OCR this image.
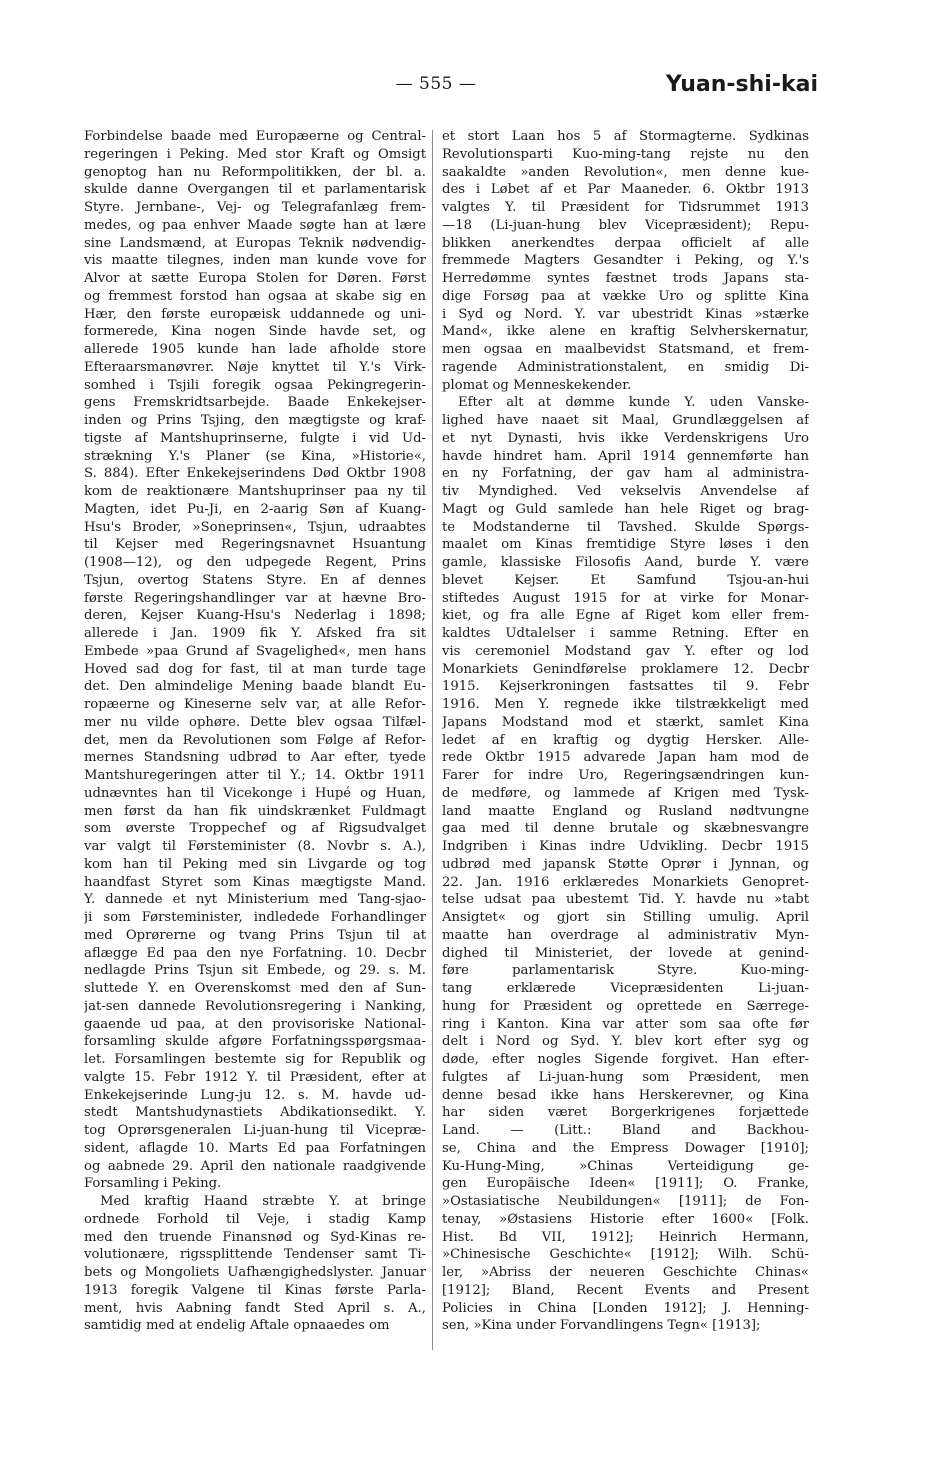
— 555 —	Yuan-shi-kai
Forbindelse baade med Europæerne og Central-
regeringen i Peking. Med stor Kraft og Omsigt
genoptog han nu Reformpolitikken, der bl. a.
skulde danne Overgangen til et parlamentarisk
Styre. Jernbane-, Vej- og Telegrafanlæg frem-
medes, og paa enhver Maade søgte han at lære
sine Landsmænd, at Europas Teknik nødvendig-
vis maatte tilegnes, inden man kunde vove for
Alvor at sætte Europa Stolen for Døren. Først
og fremmest forstod han ogsaa at skabe sig en
Hær, den første europæisk uddannede og uni-
formerede, Kina nogen Sinde havde set, og
allerede 1905 kunde han lade afholde store
Efteraarsmanøvrer. Nøje knyttet til Y.'s Virk-
somhed i Tsjili foregik ogsaa Pekingregerin-
gens Fremskridtsarbejde. Baade Enkekejser-
inden og Prins Tsjing, den mægtigste og kraf-
tigste af Mantshuprinserne, fulgte i vid Ud-
strækning Y.'s Planer (se Kina, »Historie«,
S. 884). Efter Enkekejserindens Død Oktbr 1908
kom de reaktionære Mantshuprinser paa ny til
Magten, idet Pu-Ji, en 2-aarig Søn af Kuang-
Hsu's Broder, »Soneprinsen«, Tsjun, udraabtes
til Kejser med Regeringsnavnet Hsuantung
(1908—12), og den udpegede Regent, Prins
Tsjun, overtog Statens Styre. En af dennes
første Regeringshandlinger var at hævne Bro-
deren, Kejser Kuang-Hsu's Nederlag i 1898;
allerede i Jan. 1909 fik Y. Afsked fra sit
Embede »paa Grund af Svagelighed«, men hans
Hoved sad dog for fast, til at man turde tage
det. Den almindelige Mening baade blandt Eu-
ropæerne og Kineserne selv var, at alle Refor-
mer nu vilde ophøre. Dette blev ogsaa Tilfæl-
det, men da Revolutionen som Følge af Refor-
mernes Standsning udbrød to Aar efter, tyede
Mantshuregeringen atter til Y.; 14. Oktbr 1911
udnævntes han til Vicekonge i Hupé og Huan,
men først da han fik uindskrænket Fuldmagt
som øverste Troppechef og af Rigsudvalget
var valgt til Førsteminister (8. Novbr s. A.),
kom han til Peking med sin Livgarde og tog
haandfast Styret som Kinas mægtigste Mand.
Y. dannede et nyt Ministerium med Tang-sjao-
ji som Førsteminister, indledede Forhandlinger
med Oprørerne og tvang Prins Tsjun til at
aflægge Ed paa den nye Forfatning. 10. Decbr
nedlagde Prins Tsjun sit Embede, og 29. s. M.
sluttede Y. en Overenskomst med den af Sun-
jat-sen dannede Revolutionsregering i Nanking,
gaaende ud paa, at den provisoriske National-
forsamling skulde afgøre Forfatningsspørgsmaa-
let. Forsamlingen bestemte sig for Republik og
valgte 15. Febr 1912 Y. til Præsident, efter at
Enkekejserinde Lung-ju 12. s. M. havde ud-
stedt Mantshudynastiets Abdikationsedikt. Y.
tog Oprørsgeneralen Li-juan-hung til Vicepræ-
sident, aflagde 10. Marts Ed paa Forfatningen
og aabnede 29. April den nationale raadgivende
Forsamling i Peking.
Med kraftig Haand stræbte Y. at bringe
ordnede Forhold til Veje, i stadig Kamp
med den truende Finansnød og Syd-Kinas re-
volutionære, rigssplittende Tendenser samt Ti-
bets og Mongoliets Uafhængighedslyster. Januar
1913 foregik Valgene til Kinas første Parla-
ment, hvis Aabning fandt Sted April s. A.,
samtidig med at endelig Aftale opnaaedes om
et stort Laan hos 5 af Stormagterne. Sydkinas
Revolutionsparti Kuo-ming-tang rejste nu den
saakaldte »anden Revolution«, men denne kue-
des i Løbet af et Par Maaneder. 6. Oktbr 1913
valgtes Y. til Præsident for Tidsrummet 1913
—18 (Li-juan-hung blev Vicepræsident); Repu-
blikken anerkendtes derpaa officielt af alle
fremmede Magters Gesandter i Peking, og Y.'s
Herredømme syntes fæstnet trods Japans sta-
dige Forsøg paa at vække Uro og splitte Kina
i Syd og Nord. Y. var ubestridt Kinas »stærke
Mand«, ikke alene en kraftig Selvherskernatur,
men ogsaa en maalbevidst Statsmand, et frem-
ragende Administrationstalent, en smidig Di-
plomat og Menneskekender.
Efter alt at dømme kunde Y. uden Vanske-
lighed have naaet sit Maal, Grundlæggelsen af
et nyt Dynasti, hvis ikke Verdenskrigens Uro
havde hindret ham. April 1914 gennemførte han
en ny Forfatning, der gav ham al administra-
tiv Myndighed. Ved vekselvis Anvendelse af
Magt og Guld samlede han hele Riget og brag-
te Modstanderne til Tavshed. Skulde Spørgs-
maalet om Kinas fremtidige Styre løses i den
gamle, klassiske Filosofis Aand, burde Y. være
blevet Kejser. Et Samfund Tsjou-an-hui
stiftedes August 1915 for at virke for Monar-
kiet, og fra alle Egne af Riget kom eller frem-
kaldtes Udtalelser i samme Retning. Efter en
vis ceremoniel Modstand gav Y. efter og lod
Monarkiets Genindførelse proklamere 12. Decbr
1915. Kejserkroningen fastsattes til 9. Febr
1916. Men Y. regnede ikke tilstrækkeligt med
Japans Modstand mod et stærkt, samlet Kina
ledet af en kraftig og dygtig Hersker. Alle-
rede Oktbr 1915 advarede Japan ham mod de
Farer for indre Uro, Regeringsændringen kun-
de medføre, og lammede af Krigen med Tysk-
land maatte England og Rusland nødtvungne
gaa med til denne brutale og skæbnesvangre
Indgriben i Kinas indre Udvikling. Decbr 1915
udbrød med japansk Støtte Oprør i Jynnan, og
22. Jan. 1916 erklæredes Monarkiets Genopret-
telse udsat paa ubestemt Tid. Y. havde nu »tabt
Ansigtet« og gjort sin Stilling umulig. April
maatte han overdrage al administrativ Myn-
dighed til Ministeriet, der lovede at genind-
føre parlamentarisk Styre. Kuo-ming-
tang erklærede Vicepræsidenten Li-juan-
hung for Præsident og oprettede en Særrege-
ring i Kanton. Kina var atter som saa ofte før
delt i Nord og Syd. Y. blev kort efter syg og
døde, efter nogles Sigende forgivet. Han efter-
fulgtes af Li-juan-hung som Præsident, men
denne besad ikke hans Herskerevner, og Kina
har siden været Borgerkrigenes forjættede
Land. — (Litt.: Bland and Backhou-
se, China and the Empress Dowager [1910];
Ku-Hung-Ming, »Chinas Verteidigung ge-
gen Europäische Ideen« [1911]; O. Franke,
»Ostasiatische Neubildungen« [1911]; de Fon-
tenay, »Østasiens Historie efter 1600« [Folk.
Hist. Bd VII, 1912]; Heinrich Hermann,
»Chinesische Geschichte« [1912]; Wilh. Schü-
ler, »Abriss der neueren Geschichte Chinas«
[1912]; Bland, Recent Events and Present
Policies in China [Londen 1912]; J. Henning-
sen, »Kina under Forvandlingens Tegn« [1913];
